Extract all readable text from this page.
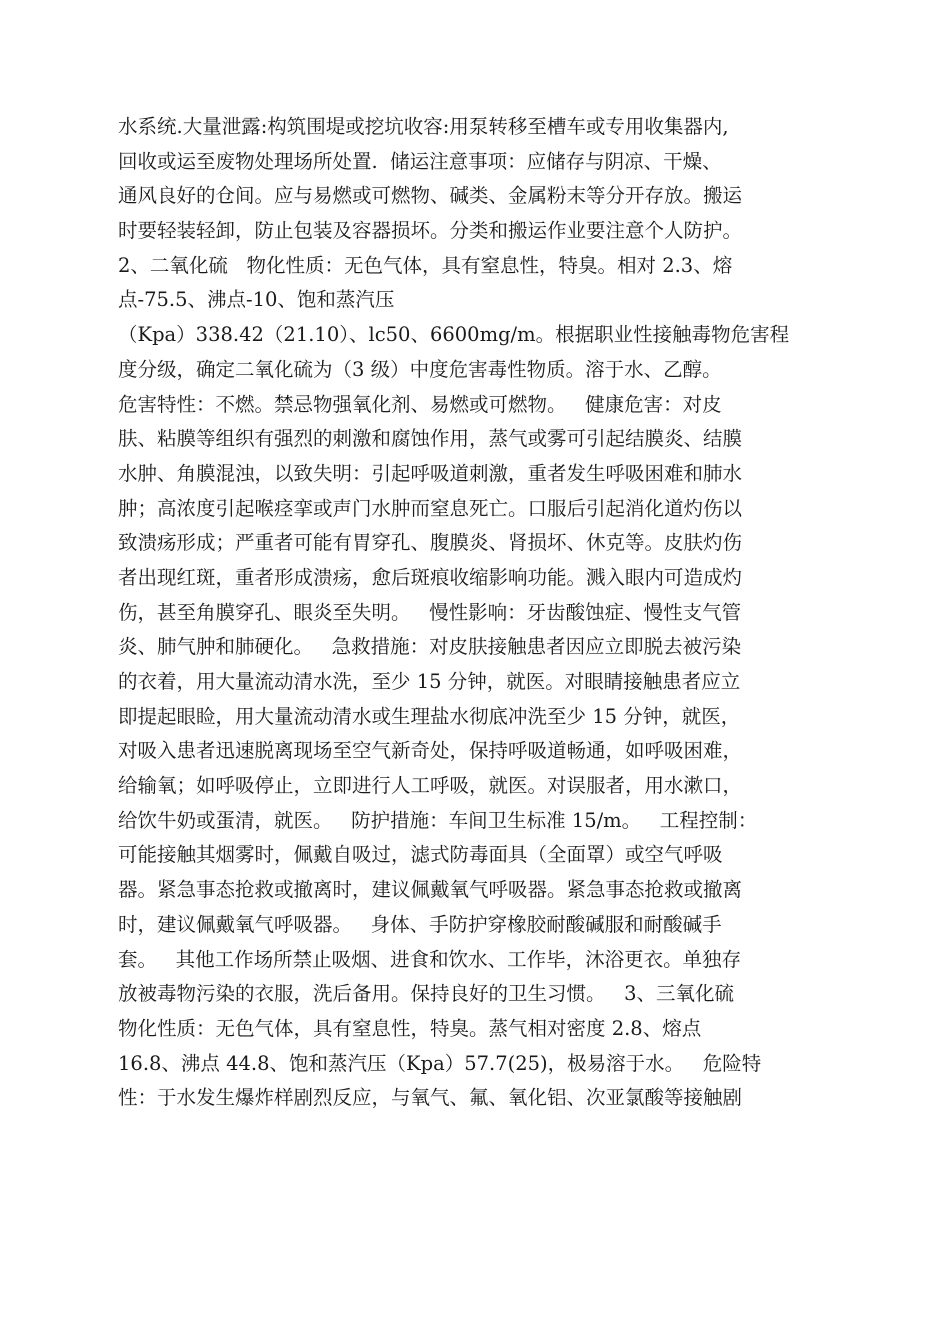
水系统.大量泄露:构筑围堤或挖坑收容:用泵转移至槽车或专用收集器内,
回收或运至废物处理场所处置.  储运注意事项：应储存与阴凉、干燥、
通风良好的仓间。应与易燃或可燃物、碱类、金属粉末等分开存放。搬运
时要轻装轻卸，防止包装及容器损坏。分类和搬运作业要注意个人防护。
2、二氧化硫   物化性质：无色气体，具有窒息性，特臭。相对 2.3、熔
点-75.5、沸点-10、饱和蒸汽压
（Kpa）338.42（21.10）、lc50、6600mg/m。根据职业性接触毒物危害程
度分级，确定二氧化硫为（3 级）中度危害毒性物质。溶于水、乙醇。
危害特性：不燃。禁忌物强氧化剂、易燃或可燃物。   健康危害：对皮
肤、粘膜等组织有强烈的刺激和腐蚀作用，蒸气或雾可引起结膜炎、结膜
水肿、角膜混浊，以致失明：引起呼吸道刺激，重者发生呼吸困难和肺水
肿；高浓度引起喉痉挛或声门水肿而窒息死亡。口服后引起消化道灼伤以
致溃疡形成；严重者可能有胃穿孔、腹膜炎、肾损坏、休克等。皮肤灼伤
者出现红斑，重者形成溃疡，愈后斑痕收缩影响功能。溅入眼内可造成灼
伤，甚至角膜穿孔、眼炎至失明。   慢性影响：牙齿酸蚀症、慢性支气管
炎、肺气肿和肺硬化。   急救措施：对皮肤接触患者因应立即脱去被污染
的衣着，用大量流动清水洗，至少 15 分钟，就医。对眼睛接触患者应立
即提起眼睑，用大量流动清水或生理盐水彻底冲洗至少 15 分钟，就医，
对吸入患者迅速脱离现场至空气新奇处，保持呼吸道畅通，如呼吸困难，
给输氧；如呼吸停止，立即进行人工呼吸，就医。对误服者，用水漱口，
给饮牛奶或蛋清，就医。   防护措施：车间卫生标准 15/m。   工程控制：
可能接触其烟雾时，佩戴自吸过，滤式防毒面具（全面罩）或空气呼吸
器。紧急事态抢救或撤离时，建议佩戴氧气呼吸器。紧急事态抢救或撤离
时，建议佩戴氧气呼吸器。   身体、手防护穿橡胶耐酸碱服和耐酸碱手
套。   其他工作场所禁止吸烟、进食和饮水、工作毕，沐浴更衣。单独存
放被毒物污染的衣服，洗后备用。保持良好的卫生习惯。   3、三氧化硫
物化性质：无色气体，具有窒息性，特臭。蒸气相对密度 2.8、熔点
16.8、沸点 44.8、饱和蒸汽压（Kpa）57.7(25)，极易溶于水。   危险特
性：于水发生爆炸样剧烈反应，与氧气、氟、氧化铝、次亚氯酸等接触剧
